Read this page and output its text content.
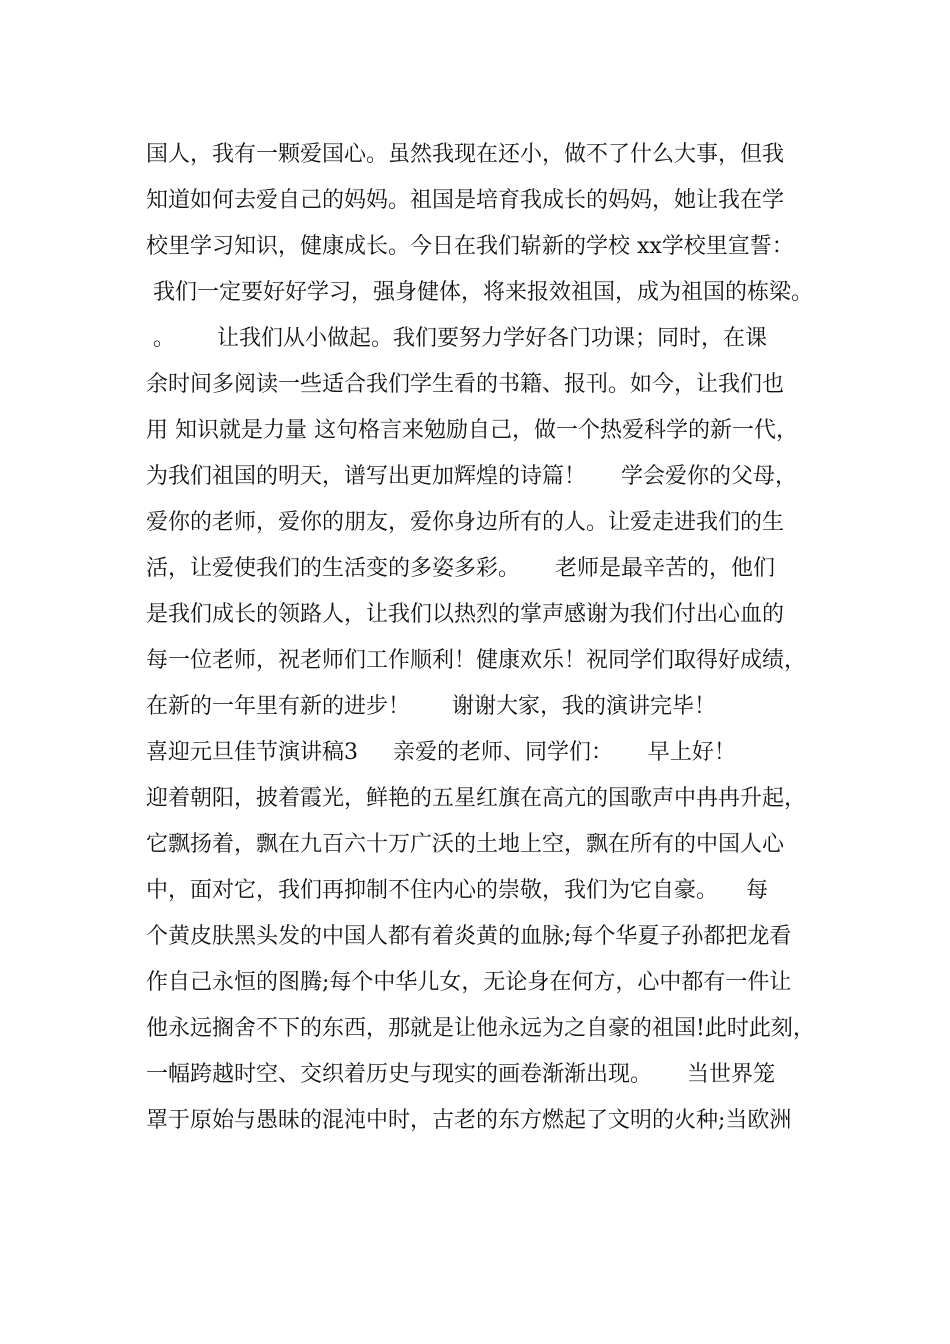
国人，我有一颗爱国心。虽然我现在还小，做不了什么大事，但我
知道如何去爱自己的妈妈。祖国是培育我成长的妈妈，她让我在学
校里学习知识，健康成长。今日在我们崭新的学校 xx学校里宣誓：
我们一定要好好学习，强身健体，将来报效祖国，成为祖国的栋梁。
。      让我们从小做起。我们要努力学好各门功课；同时，在课
余时间多阅读一些适合我们学生看的书籍、报刊。如今，让我们也
用 知识就是力量 这句格言来勉励自己，做一个热爱科学的新一代，
为我们祖国的明天，谱写出更加辉煌的诗篇！     学会爱你的父母，
爱你的老师，爱你的朋友，爱你身边所有的人。让爱走进我们的生
活，让爱使我们的生活变的多姿多彩。     老师是最辛苦的，他们
是我们成长的领路人，让我们以热烈的掌声感谢为我们付出心血的
每一位老师，祝老师们工作顺利！健康欢乐！祝同学们取得好成绩，
在新的一年里有新的进步！      谢谢大家，我的演讲完毕！
喜迎元旦佳节演讲稿3     亲爱的老师、同学们：     早上好！
迎着朝阳，披着霞光，鲜艳的五星红旗在高亢的国歌声中冉冉升起，
它飘扬着，飘在九百六十万广沃的土地上空，飘在所有的中国人心
中，面对它，我们再抑制不住内心的崇敬，我们为它自豪。    每
个黄皮肤黑头发的中国人都有着炎黄的血脉;每个华夏子孙都把龙看
作自己永恒的图腾;每个中华儿女，无论身在何方，心中都有一件让
他永远搁舍不下的东西，那就是让他永远为之自豪的祖国!此时此刻，
一幅跨越时空、交织着历史与现实的画卷渐渐出现。     当世界笼
罩于原始与愚昧的混沌中时，古老的东方燃起了文明的火种;当欧洲
